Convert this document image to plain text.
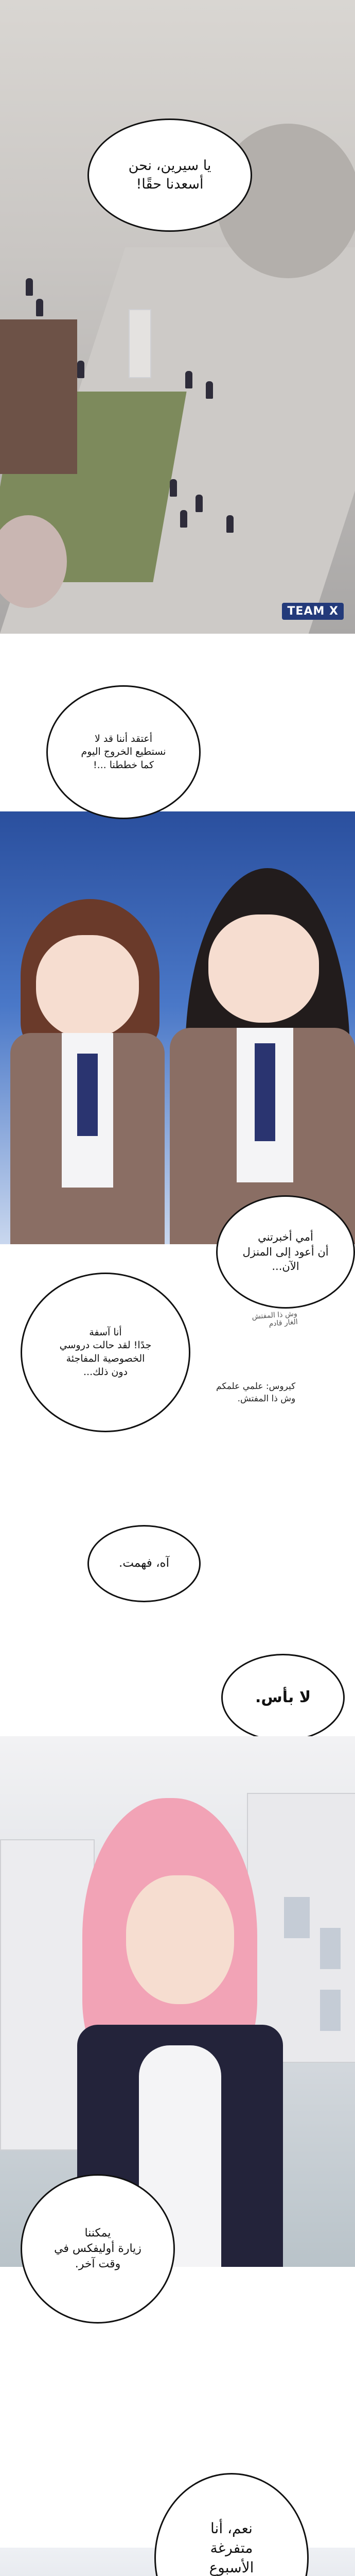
يا سيرين، نحن
أسعدنا حقًا!
TEAM X
أعتقد أننا قد لا
نستطيع الخروج اليوم
كما خططنا ...!
أمي أخبرتني
أن أعود إلى المنزل
الآن...
وش ذا المفتش
الغار قادم
أنا آسفة
جدًا! لقد حالت دروسي
الخصوصية المفاجئة
دون ذلك...
كيروس: علمي علمكم
وش ذا المفتش.
آه، فهمت.
لا بأس.
يمكننا
زيارة أوليفكس في
وقت آخر.
نعم، أنا
متفرغة
الأسبوع
